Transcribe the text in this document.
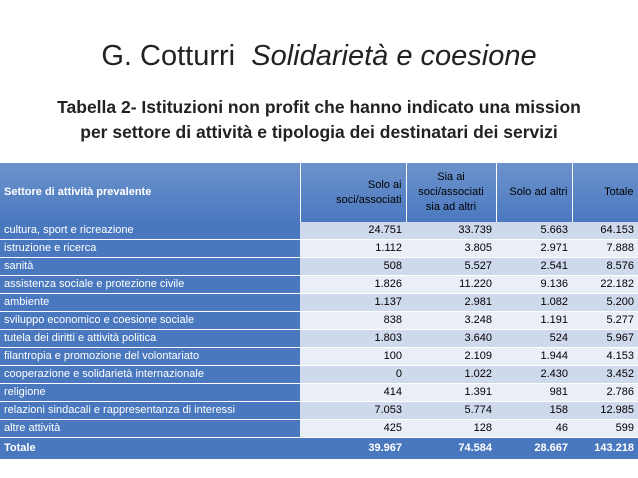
G. Cotturri Solidarietà e coesione
Tabella 2- Istituzioni non profit che hanno indicato una mission
per settore di attività e tipologia dei destinatari dei servizi
Settore di attività prevalente	Solo ai soci/associati	Sia ai soci/associati sia ad altri	Solo ad altri	Totale
cultura, sport e ricreazione	24.751	33.739	5.663	64.153
istruzione e ricerca	1.112	3.805	2.971	7.888
sanità	508	5.527	2.541	8.576
assistenza sociale e protezione civile	1.826	11.220	9.136	22.182
ambiente	1.137	2.981	1.082	5.200
sviluppo economico e coesione sociale	838	3.248	1.191	5.277
tutela dei diritti e attività politica	1.803	3.640	524	5.967
filantropia e promozione del volontariato	100	2.109	1.944	4.153
cooperazione e solidarietà internazionale	0	1.022	2.430	3.452
religione	414	1.391	981	2.786
relazioni sindacali e rappresentanza di interessi	7.053	5.774	158	12.985
altre attività	425	128	46	599
Totale	39.967	74.584	28.667	143.218
